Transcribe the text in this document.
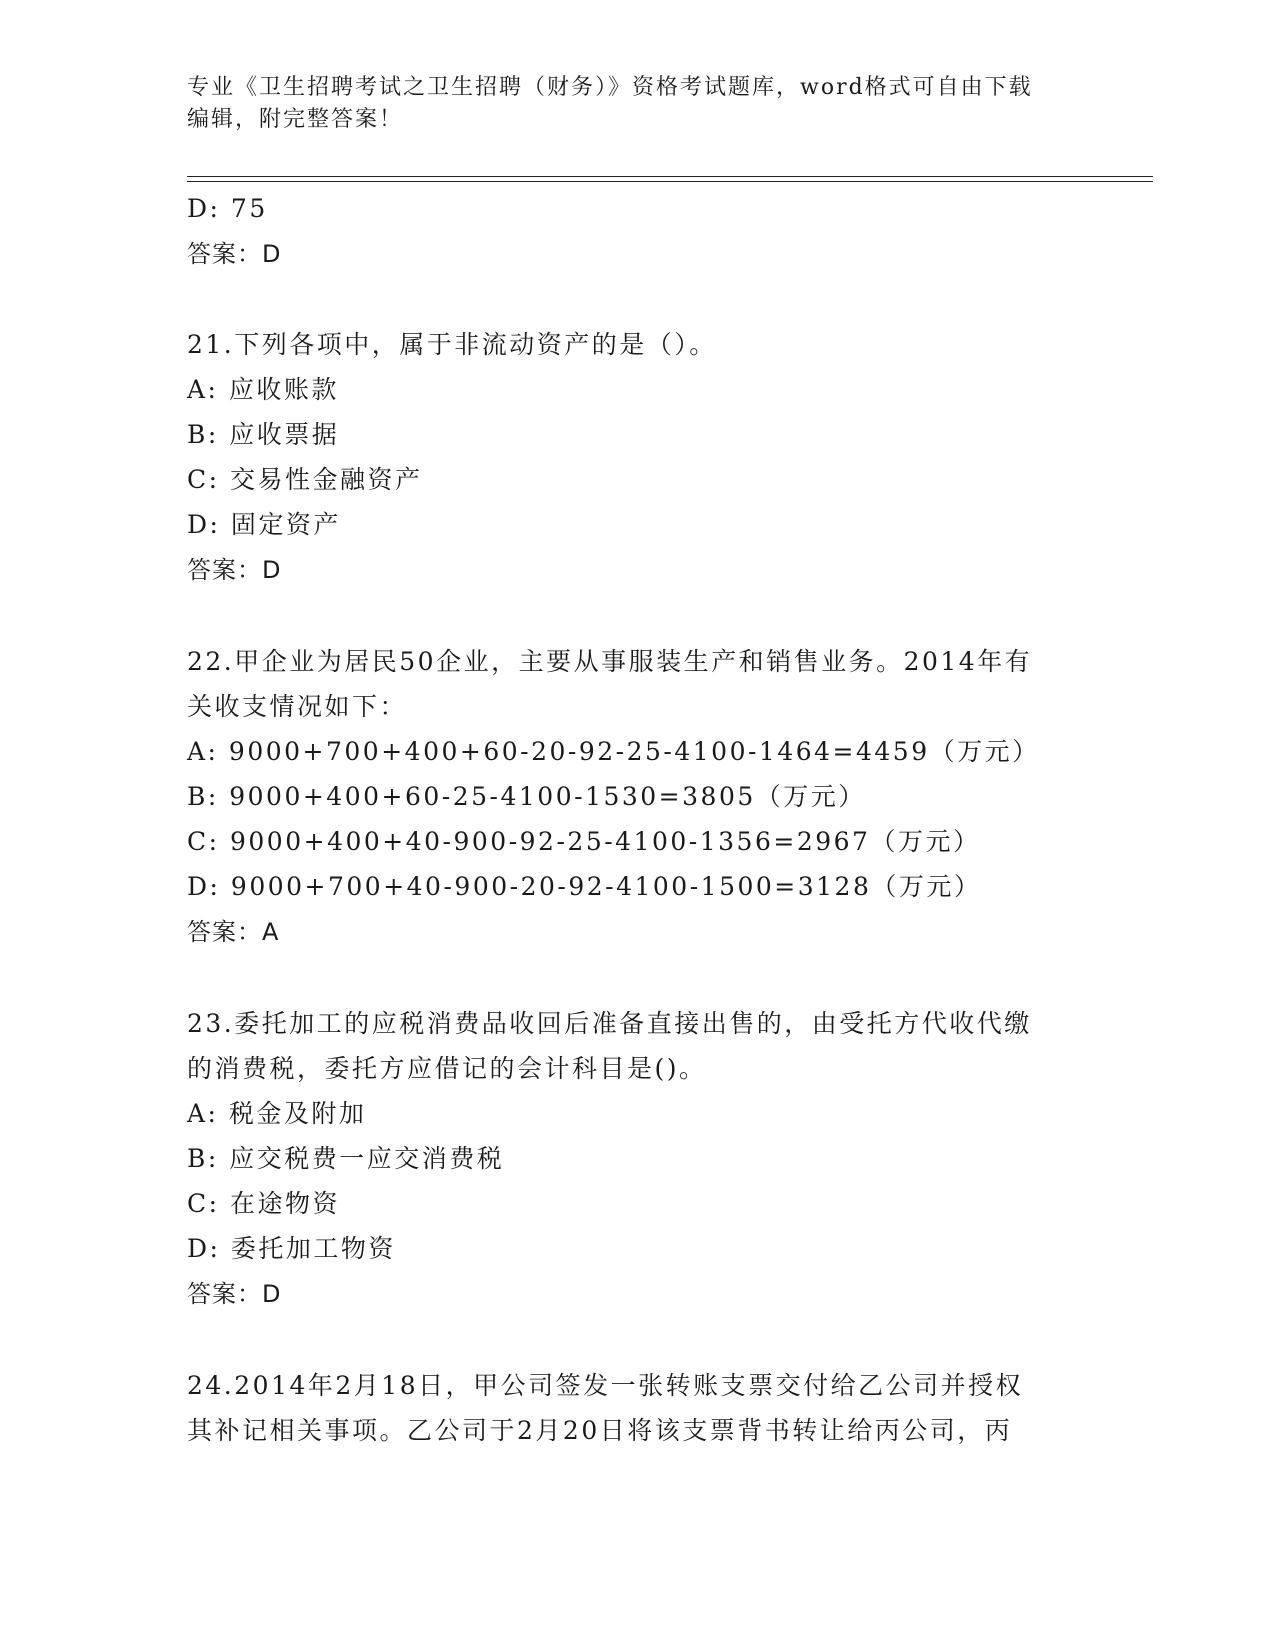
专业《卫生招聘考试之卫生招聘（财务）》资格考试题库，word格式可自由下载
编辑，附完整答案！
D: 75
答案：D
21.下列各项中，属于非流动资产的是（）。
A: 应收账款
B: 应收票据
C: 交易性金融资产
D: 固定资产
答案：D
22.甲企业为居民50企业，主要从事服装生产和销售业务。2014年有
关收支情况如下：
A: 9000+700+400+60-20-92-25-4100-1464=4459（万元）
B: 9000+400+60-25-4100-1530=3805（万元）
C: 9000+400+40-900-92-25-4100-1356=2967（万元）
D: 9000+700+40-900-20-92-4100-1500=3128（万元）
答案：A
23.委托加工的应税消费品收回后准备直接出售的，由受托方代收代缴
的消费税，委托方应借记的会计科目是()。
A: 税金及附加
B: 应交税费一应交消费税
C: 在途物资
D: 委托加工物资
答案：D
24.2014年2月18日，甲公司签发一张转账支票交付给乙公司并授权
其补记相关事项。乙公司于2月20日将该支票背书转让给丙公司，丙
